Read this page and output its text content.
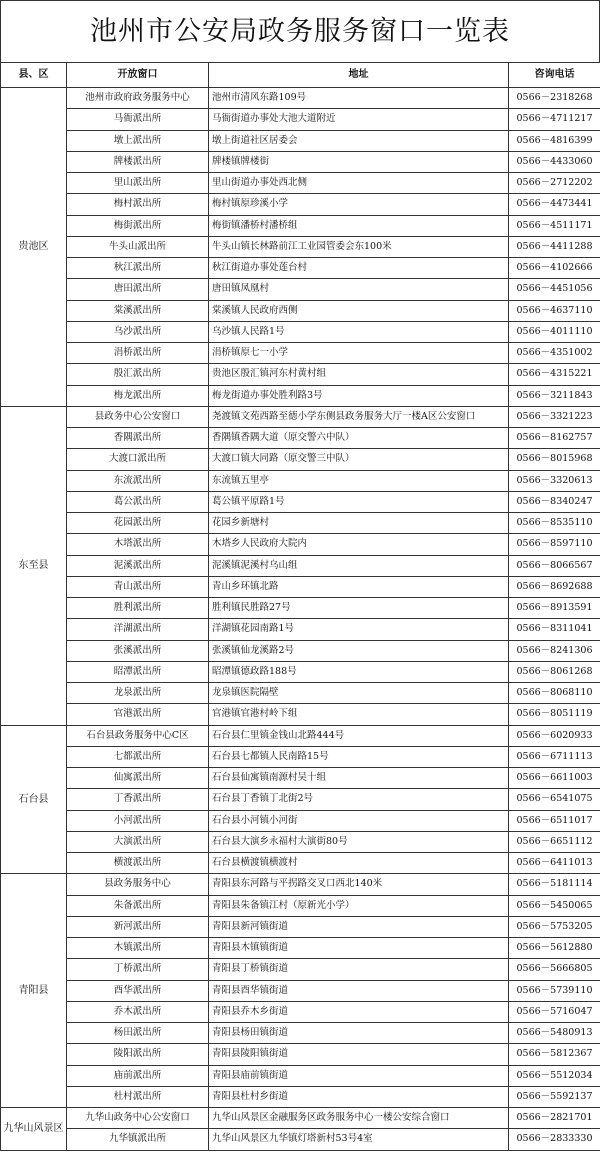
池州市公安局政务服务窗口一览表
县、区	开放窗口	地址	咨询电话
贵池区	池州市政府政务服务中心	池州市清风东路109号	0566－2318268
	马衙派出所	马衙街道办事处大池大道附近	0566－4711217
	墩上派出所	墩上街道社区居委会	0566－4816399
	牌楼派出所	牌楼镇牌楼街	0566－4433060
	里山派出所	里山街道办事处西北侧	0566－2712202
	梅村派出所	梅村镇原珍溪小学	0566－4473441
	梅街派出所	梅街镇潘桥村潘桥组	0566－4511171
	牛头山派出所	牛头山镇长林路前江工业园管委会东100米	0566－4411288
	秋江派出所	秋江街道办事处莲台村	0566－4102666
	唐田派出所	唐田镇凤凰村	0566－4451056
	棠溪派出所	棠溪镇人民政府西侧	0566－4637110
	乌沙派出所	乌沙镇人民路1号	0566－4011110
	涓桥派出所	涓桥镇原七一小学	0566－4351002
	殷汇派出所	贵池区殷汇镇河东村黄村组	0566－4315221
	梅龙派出所	梅龙街道办事处胜利路3号	0566－3211843
东至县	县政务中心公安窗口	尧渡镇文苑西路至德小学东侧县政务服务大厅一楼A区公安窗口	0566－3321223
	香隅派出所	香隅镇香隅大道（原交警六中队）	0566－8162757
	大渡口派出所	大渡口镇大同路（原交警三中队）	0566－8015968
	东流派出所	东流镇五里亭	0566－3320613
	葛公派出所	葛公镇平原路1号	0566－8340247
	花园派出所	花园乡新塘村	0566－8535110
	木塔派出所	木塔乡人民政府大院内	0566－8597110
	泥溪派出所	泥溪镇泥溪村乌山组	0566－8066567
	青山派出所	青山乡环镇北路	0566－8692688
	胜利派出所	胜利镇民胜路27号	0566－8913591
	洋湖派出所	洋湖镇花园南路1号	0566－8311041
	张溪派出所	张溪镇仙龙溪路2号	0566－8241306
	昭潭派出所	昭潭镇德政路188号	0566－8061268
	龙泉派出所	龙泉镇医院隔壁	0566－8068110
	官港派出所	官港镇官港村岭下组	0566－8051119
石台县	石台县政务服务中心C区	石台县仁里镇金钱山北路444号	0566－6020933
	七都派出所	石台县七都镇人民南路15号	0566－6711113
	仙寓派出所	石台县仙寓镇南源村吴十组	0566－6611003
	丁香派出所	石台县丁香镇丁北街2号	0566－6541075
	小河派出所	石台县小河镇小河街	0566－6511017
	大演派出所	石台县大演乡永福村大演街80号	0566－6651112
	横渡派出所	石台县横渡镇横渡村	0566－6411013
青阳县	县政务服务中心	青阳县东河路与平拐路交叉口西北140米	0566－5181114
	朱备派出所	青阳县朱备镇江村（原新光小学）	0566－5450065
	新河派出所	青阳县新河镇街道	0566－5753205
	木镇派出所	青阳县木镇镇街道	0566－5612880
	丁桥派出所	青阳县丁桥镇街道	0566－5666805
	酉华派出所	青阳县酉华镇街道	0566－5739110
	乔木派出所	青阳县乔木乡街道	0566－5716047
	杨田派出所	青阳县杨田镇街道	0566－5480913
	陵阳派出所	青阳县陵阳镇街道	0566－5812367
	庙前派出所	青阳县庙前镇街道	0566－5512034
	杜村派出所	青阳县杜村乡街道	0566－5592137
九华山风景区	九华山政务中心公安窗口	九华山风景区金融服务区政务服务中心一楼公安综合窗口	0566－2821701
	九华镇派出所	九华山风景区九华镇灯塔新村53号4室	0566－2833330
